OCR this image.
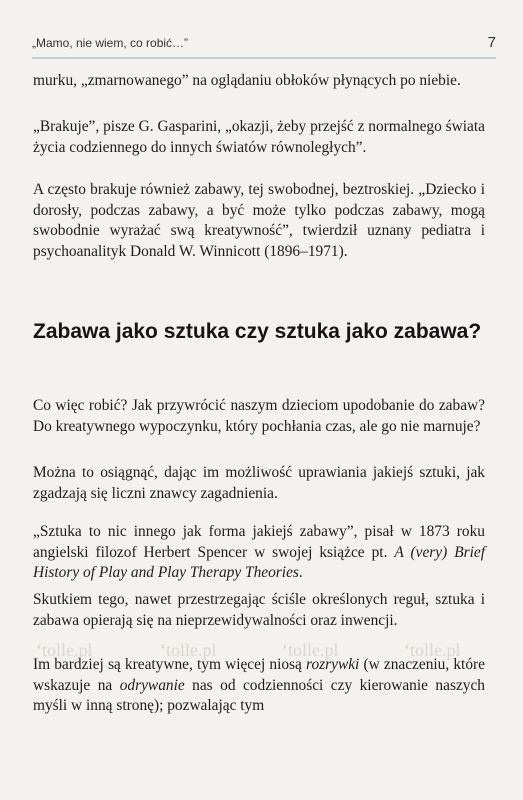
„Mamo, nie wiem, co robić…”	7

murku, „zmarnowanego” na oglądaniu obłoków płynących po niebie.

„Brakuje”, pisze G. Gasparini, „okazji, żeby przejść z normalnego świata życia codziennego do innych światów równoległych”.

A często brakuje również zabawy, tej swobodnej, beztroskiej. „Dziecko i dorosły, podczas zabawy, a być może tylko podczas zabawy, mogą swobodnie wyrażać swą kreatywność”, twierdził uznany pediatra i psychoanalityk Donald W. Winnicott (1896–1971).

Zabawa jako sztuka czy sztuka jako zabawa?

Co więc robić? Jak przywrócić naszym dzieciom upodobanie do zabaw? Do kreatywnego wypoczynku, który pochłania czas, ale go nie marnuje?

Można to osiągnąć, dając im możliwość uprawiania jakiejś sztuki, jak zgadzają się liczni znawcy zagadnienia.

„Sztuka to nic innego jak forma jakiejś zabawy”, pisał w 1873 roku angielski filozof Herbert Spencer w swojej książce pt. A (very) Brief History of Play and Play Therapy Theories.

Skutkiem tego, nawet przestrzegając ściśle określonych reguł, sztuka i zabawa opierają się na nieprzewidywalności oraz inwencji.

Im bardziej są kreatywne, tym więcej niosą rozrywki (w znaczeniu, które wskazuje na odrywanie nas od codzienności czy kierowanie naszych myśli w inną stronę); pozwalając tym

‘tolle.pl	‘tolle.pl	‘tolle.pl	‘tolle.pl
